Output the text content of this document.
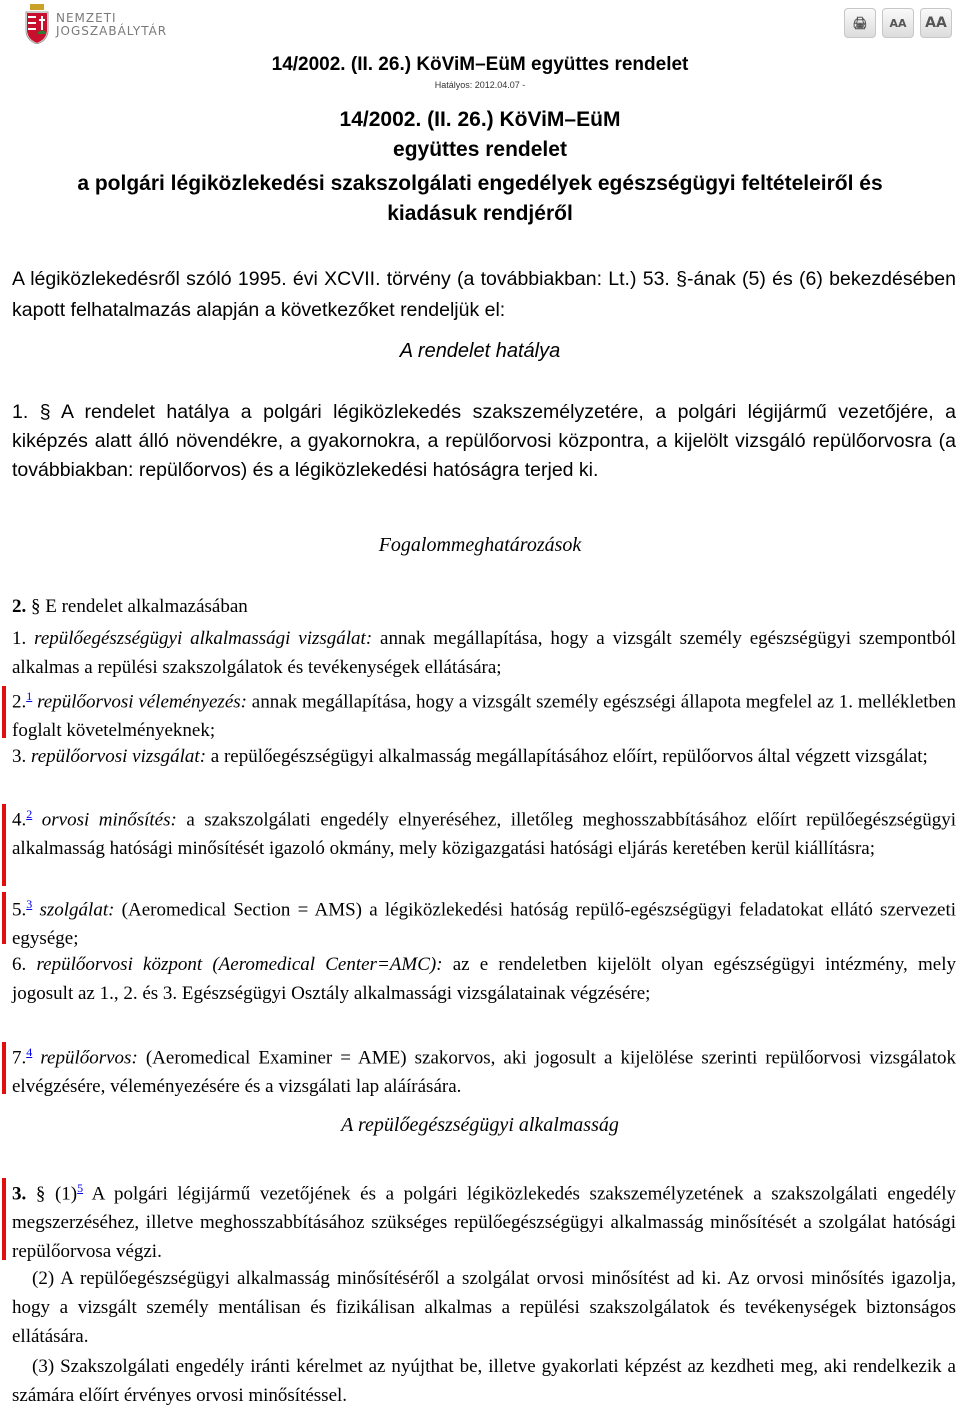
NEMZETI
JOGSZABÁLYTÁR
🖨 AA AA
14/2002. (II. 26.) KöViM–EüM együttes rendelet
Hatályos: 2012.04.07 -
14/2002. (II. 26.) KöViM–EüM
együttes rendelet
a polgári légiközlekedési szakszolgálati engedélyek egészségügyi feltételeiről és
kiadásuk rendjéről
A légiközlekedésről szóló 1995. évi XCVII. törvény (a továbbiakban: Lt.) 53. §-ának (5) és (6) bekezdésében kapott felhatalmazás alapján a következőket rendeljük el:
A rendelet hatálya
1. § A rendelet hatálya a polgári légiközlekedés szakszemélyzetére, a polgári légijármű vezetőjére, a kiképzés alatt álló növendékre, a gyakornokra, a repülőorvosi központra, a kijelölt vizsgáló repülőorvosra (a továbbiakban: repülőorvos) és a légiközlekedési hatóságra terjed ki.
Fogalommeghatározások
2. § E rendelet alkalmazásában
1. repülőegészségügyi alkalmassági vizsgálat: annak megállapítása, hogy a vizsgált személy egészségügyi szempontból alkalmas a repülési szakszolgálatok és tevékenységek ellátására;
2.$^1$ repülőorvosi véleményezés: annak megállapítása, hogy a vizsgált személy egészségi állapota megfelel az 1. mellékletben foglalt követelményeknek;
3. repülőorvosi vizsgálat: a repülőegészségügyi alkalmasság megállapításához előírt, repülőorvos által végzett vizsgálat;
4.$^2$ orvosi minősítés: a szakszolgálati engedély elnyeréséhez, illetőleg meghosszabbításához előírt repülőegészségügyi alkalmasság hatósági minősítését igazoló okmány, mely közigazgatási hatósági eljárás keretében kerül kiállításra;
5.$^3$ szolgálat: (Aeromedical Section = AMS) a légiközlekedési hatóság repülő-egészségügyi feladatokat ellátó szervezeti egysége;
6. repülőorvosi központ (Aeromedical Center=AMC): az e rendeletben kijelölt olyan egészségügyi intézmény, mely jogosult az 1., 2. és 3. Egészségügyi Osztály alkalmassági vizsgálatainak végzésére;
7.$^4$ repülőorvos: (Aeromedical Examiner = AME) szakorvos, aki jogosult a kijelölése szerinti repülőorvosi vizsgálatok elvégzésére, véleményezésére és a vizsgálati lap aláírására.
A repülőegészségügyi alkalmasság
3. § $(1)^5$ A polgári légijármű vezetőjének és a polgári légiközlekedés szakszemélyzetének a szakszolgálati engedély megszerzéséhez, illetve meghosszabbításához szükséges repülőegészségügyi alkalmasság minősítését a szolgálat hatósági repülőorvosa végzi.
(2) A repülőegészségügyi alkalmasság minősítéséről a szolgálat orvosi minősítést ad ki. Az orvosi minősítés igazolja, hogy a vizsgált személy mentálisan és fizikálisan alkalmas a repülési szakszolgálatok és tevékenységek biztonságos ellátására.
(3) Szakszolgálati engedély iránti kérelmet az nyújthat be, illetve gyakorlati képzést az kezdheti meg, aki rendelkezik a számára előírt érvényes orvosi minősítéssel.
